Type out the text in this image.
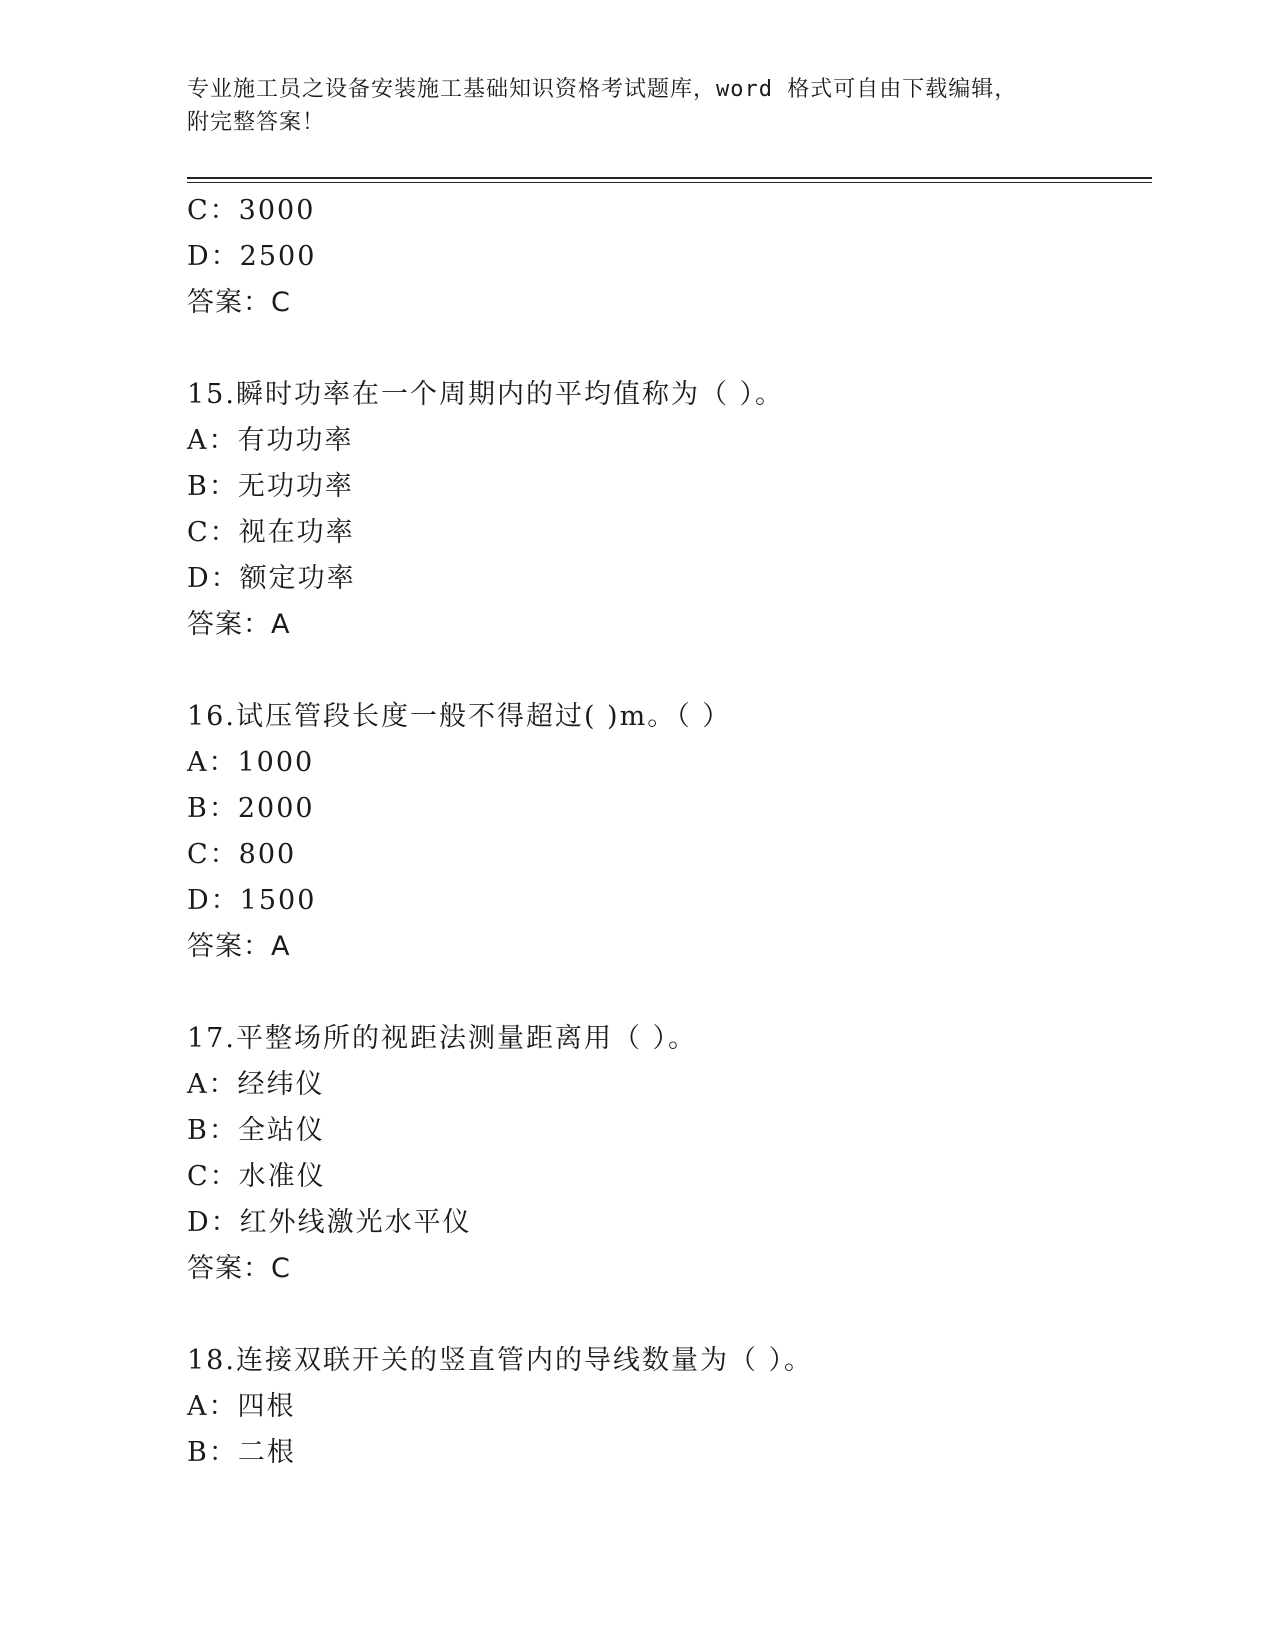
专业施工员之设备安装施工基础知识资格考试题库，word 格式可自由下载编辑，
附完整答案！
C：3000
D：2500
答案：C
15.瞬时功率在一个周期内的平均值称为（ ）。
A：有功功率
B：无功功率
C：视在功率
D：额定功率
答案：A
16.试压管段长度一般不得超过( )m。（ ）
A：1000
B：2000
C：800
D：1500
答案：A
17.平整场所的视距法测量距离用（ ）。
A：经纬仪
B：全站仪
C：水准仪
D：红外线激光水平仪
答案：C
18.连接双联开关的竖直管内的导线数量为（ ）。
A：四根
B：二根
